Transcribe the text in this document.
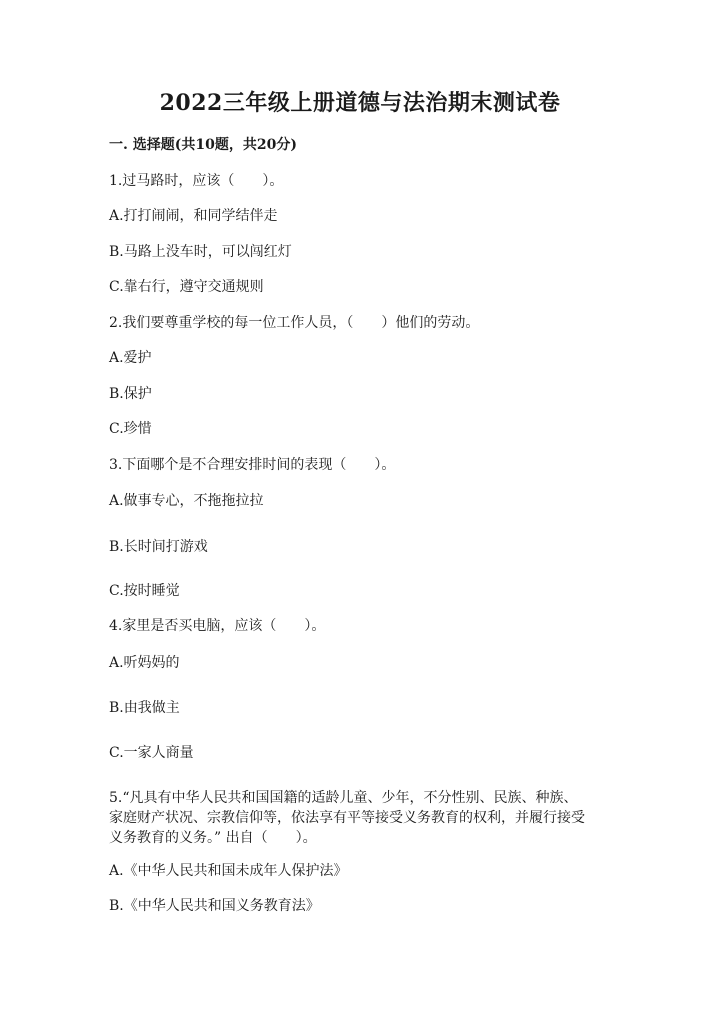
2022三年级上册道德与法治期末测试卷
一. 选择题(共10题，共20分)
1.过马路时，应该（　　）。
A.打打闹闹，和同学结伴走
B.马路上没车时，可以闯红灯
C.靠右行，遵守交通规则
2.我们要尊重学校的每一位工作人员，（　　）他们的劳动。
A.爱护
B.保护
C.珍惜
3.下面哪个是不合理安排时间的表现（　　）。
A.做事专心，不拖拖拉拉
B.长时间打游戏
C.按时睡觉
4.家里是否买电脑，应该（　　）。
A.听妈妈的
B.由我做主
C.一家人商量
5.“凡具有中华人民共和国国籍的适龄儿童、少年，不分性别、民族、种族、
家庭财产状况、宗教信仰等，依法享有平等接受义务教育的权利，并履行接受
义务教育的义务。” 出自（　　）。
A.《中华人民共和国未成年人保护法》
B.《中华人民共和国义务教育法》
